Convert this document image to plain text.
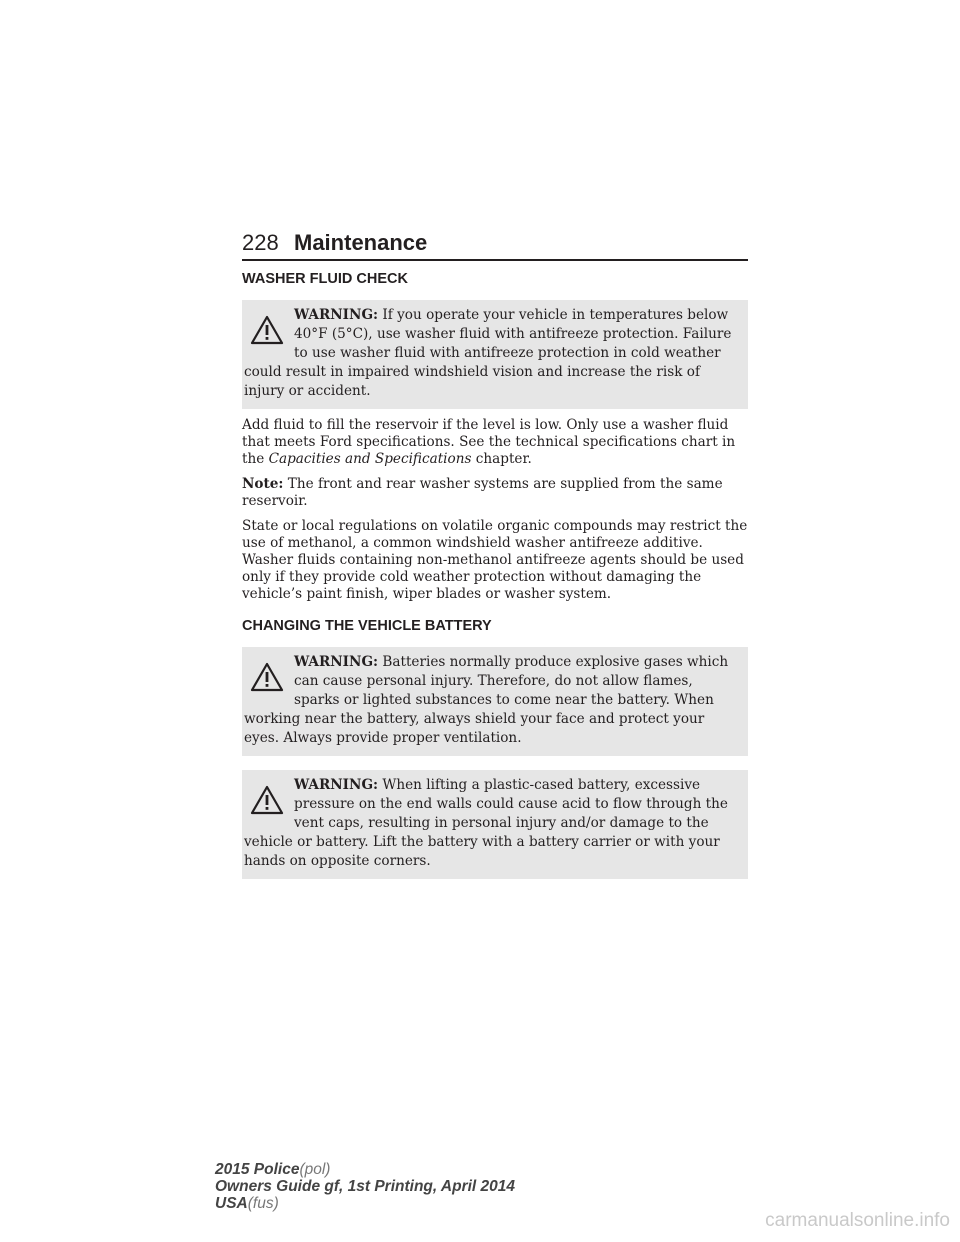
228 Maintenance
WASHER FLUID CHECK
WARNING: If you operate your vehicle in temperatures below 40°F (5°C), use washer fluid with antifreeze protection. Failure to use washer fluid with antifreeze protection in cold weather could result in impaired windshield vision and increase the risk of injury or accident.

Add fluid to fill the reservoir if the level is low. Only use a washer fluid that meets Ford specifications. See the technical specifications chart in the Capacities and Specifications chapter.

Note: The front and rear washer systems are supplied from the same reservoir.

State or local regulations on volatile organic compounds may restrict the use of methanol, a common windshield washer antifreeze additive. Washer fluids containing non-methanol antifreeze agents should be used only if they provide cold weather protection without damaging the vehicle’s paint finish, wiper blades or washer system.

CHANGING THE VEHICLE BATTERY
WARNING: Batteries normally produce explosive gases which can cause personal injury. Therefore, do not allow flames, sparks or lighted substances to come near the battery. When working near the battery, always shield your face and protect your eyes. Always provide proper ventilation.
WARNING: When lifting a plastic-cased battery, excessive pressure on the end walls could cause acid to flow through the vent caps, resulting in personal injury and/or damage to the vehicle or battery. Lift the battery with a battery carrier or with your hands on opposite corners.
2015 Police(pol)
Owners Guide gf, 1st Printing, April 2014
USA(fus)
carmanualsonline.info
